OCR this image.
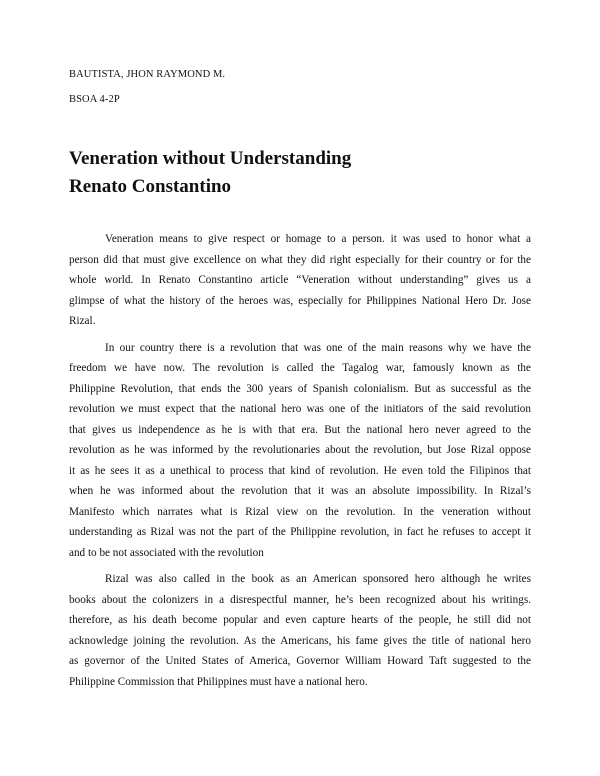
BAUTISTA, JHON RAYMOND M.
BSOA 4-2P
Veneration without Understanding
Renato Constantino
Veneration means to give respect or homage to a person. it was used to honor what a
person did that must give excellence on what they did right especially for their country or for the
whole world. In Renato Constantino article “Veneration without understanding” gives us a
glimpse of what the history of the heroes was, especially for Philippines National Hero Dr. Jose
Rizal.
In our country there is a revolution that was one of the main reasons why we have the
freedom we have now. The revolution is called the Tagalog war, famously known as the
Philippine Revolution, that ends the 300 years of Spanish colonialism. But as successful as the
revolution we must expect that the national hero was one of the initiators of the said revolution
that gives us independence as he is with that era. But the national hero never agreed to the
revolution as he was informed by the revolutionaries about the revolution, but Jose Rizal oppose
it as he sees it as a unethical to process that kind of revolution. He even told the Filipinos that
when he was informed about the revolution that it was an absolute impossibility. In Rizal’s
Manifesto which narrates what is Rizal view on the revolution. In the veneration without
understanding as Rizal was not the part of the Philippine revolution, in fact he refuses to accept it
and to be not associated with the revolution
Rizal was also called in the book as an American sponsored hero although he writes
books about the colonizers in a disrespectful manner, he’s been recognized about his writings.
therefore, as his death become popular and even capture hearts of the people, he still did not
acknowledge joining the revolution. As the Americans, his fame gives the title of national hero
as governor of the United States of America, Governor William Howard Taft suggested to the
Philippine Commission that Philippines must have a national hero.
